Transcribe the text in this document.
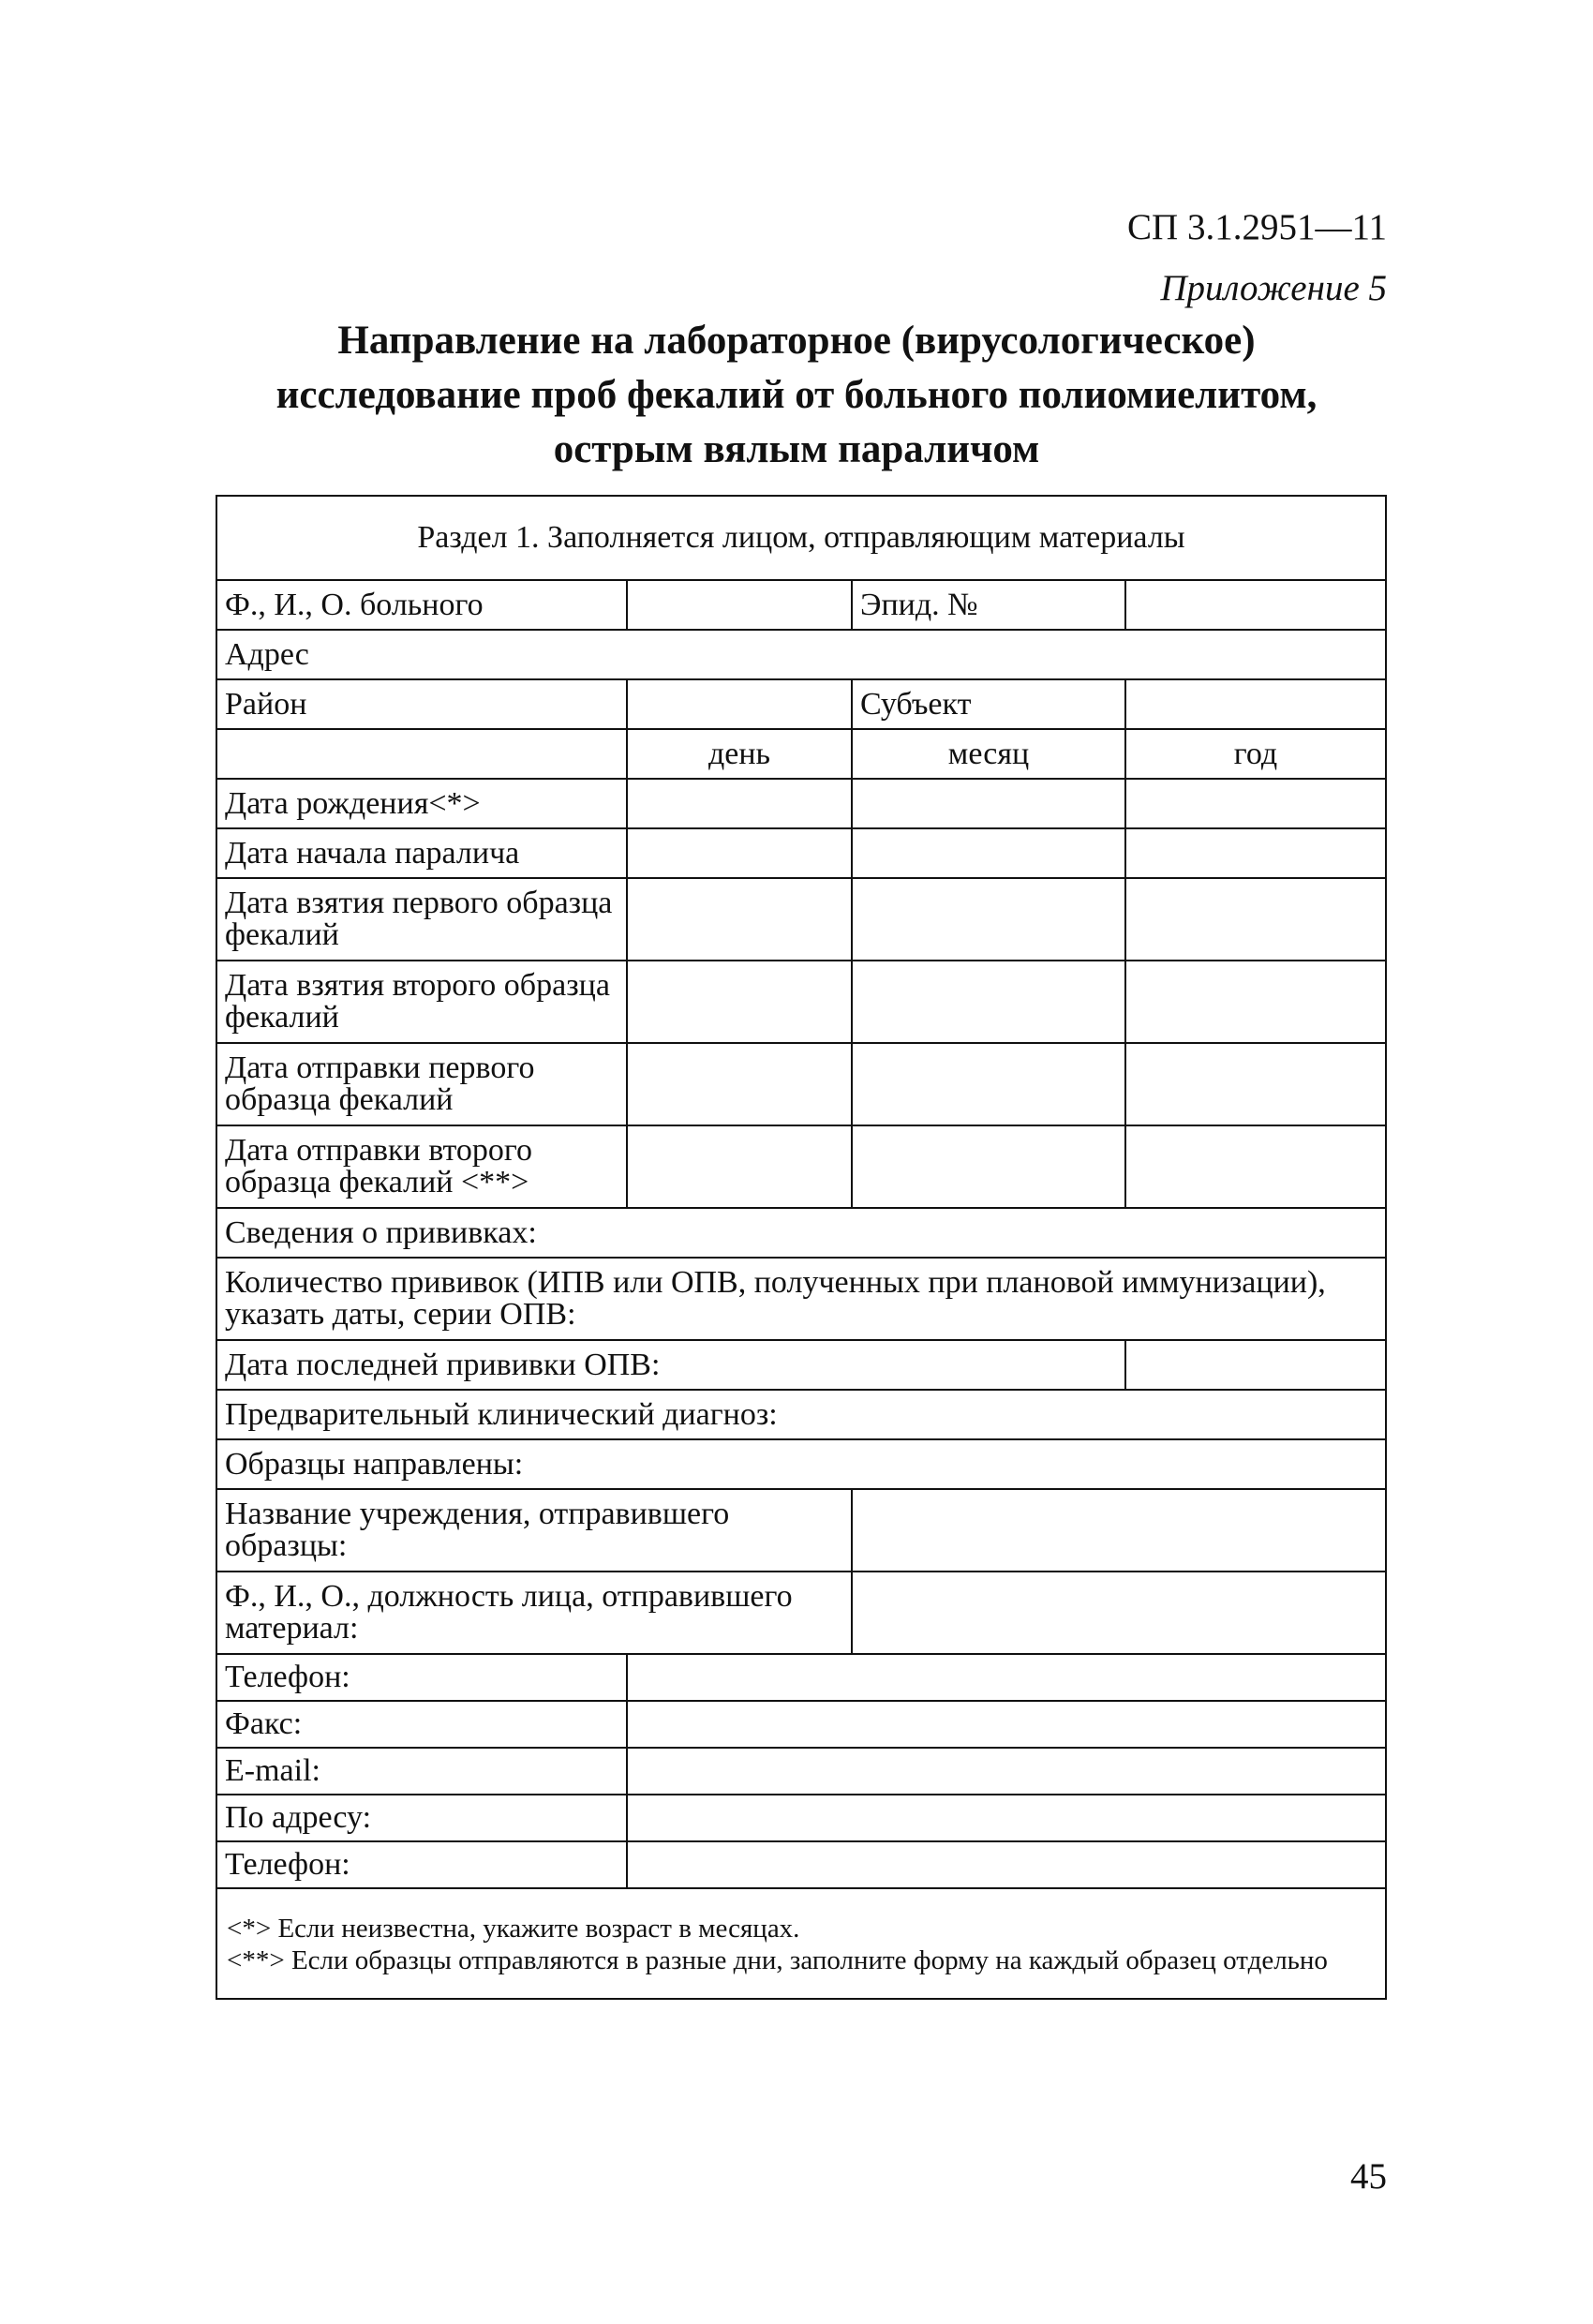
СП 3.1.2951—11
Приложение 5
Направление на лабораторное (вирусологическое)
исследование проб фекалий от больного полиомиелитом,
острым вялым параличом
Раздел 1. Заполняется лицом, отправляющим материалы			
Ф., И., О. больного		Эпид. №	
Адрес			
Район		Субъект	
	день	месяц	год
Дата рождения<*>			
Дата начала паралича			
Дата взятия первого образца фекалий			
Дата взятия второго образца фекалий			
Дата отправки первого образца фекалий			
Дата отправки второго образца фекалий <**>			
Сведения о прививках:			
Количество прививок (ИПВ или ОПВ, полученных при плановой иммунизации), указать даты, серии ОПВ:			
Дата последней прививки ОПВ:			
Предварительный клинический диагноз:			
Образцы направлены:			
Название учреждения, отправившего образцы:			
Ф., И., О., должность лица, отправившего материал:			
Телефон:			
Факс:			
E-mail:			
По адресу:			
Телефон:			

<*> Если неизвестна, укажите возраст в месяцах.
<**> Если образцы отправляются в разные дни, заполните форму на каждый образец отдельно			
45
